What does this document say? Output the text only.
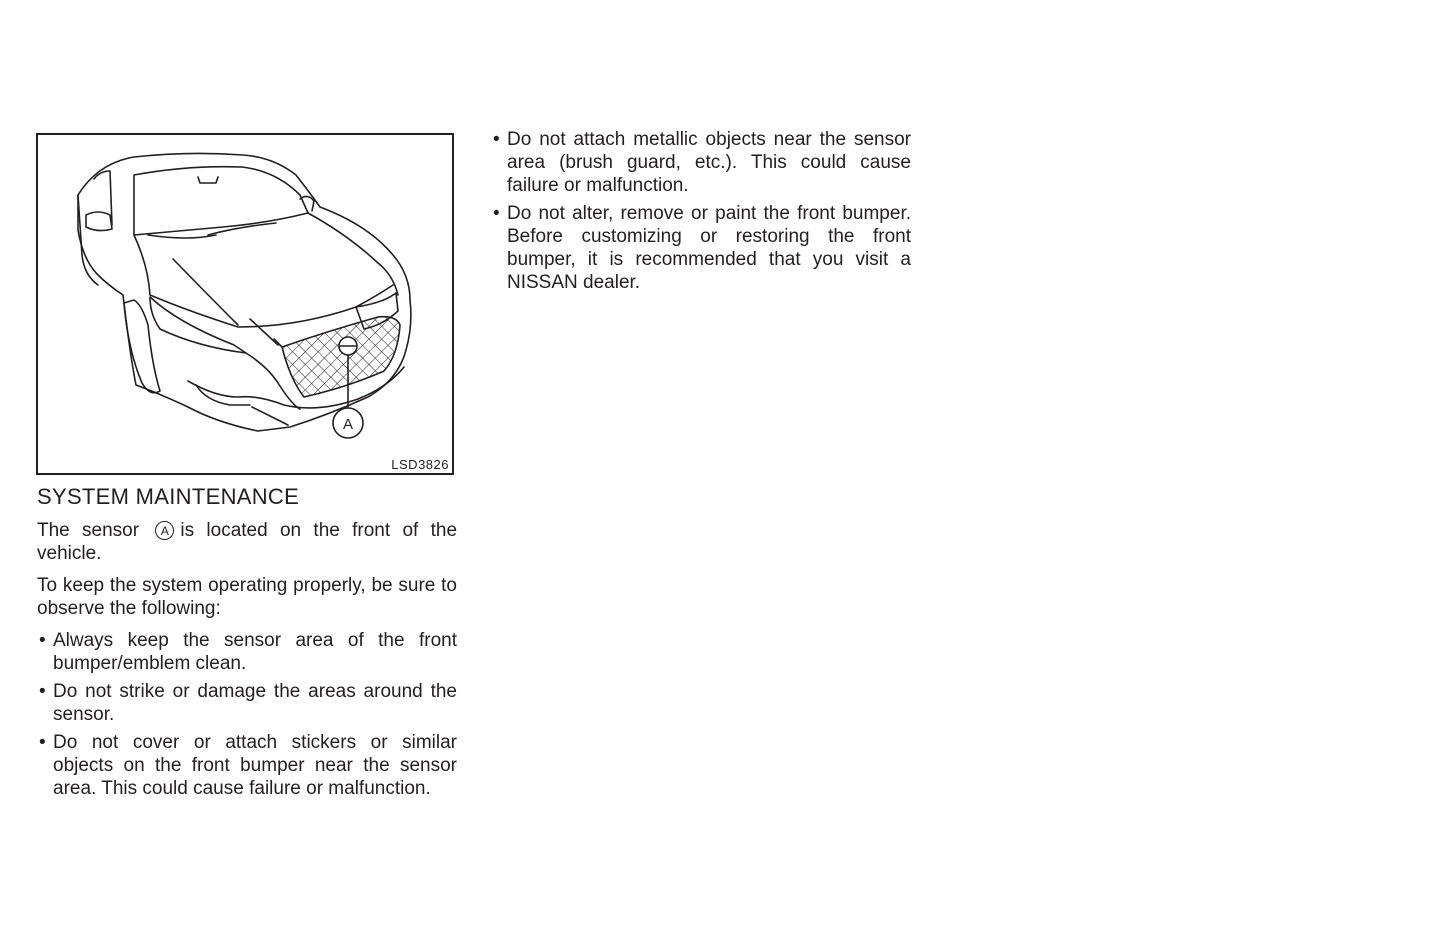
A
LSD3826
SYSTEM MAINTENANCE

The sensor A is located on the front of the vehicle.

To keep the system operating properly, be sure to observe the following:

• Always keep the sensor area of the front bumper/emblem clean.
• Do not strike or damage the areas around the sensor.
• Do not cover or attach stickers or similar objects on the front bumper near the sensor area. This could cause failure or malfunction.
• Do not attach metallic objects near the sensor area (brush guard, etc.). This could cause failure or malfunction.
• Do not alter, remove or paint the front bumper. Before customizing or restoring the front bumper, it is recommended that you visit a NISSAN dealer.
